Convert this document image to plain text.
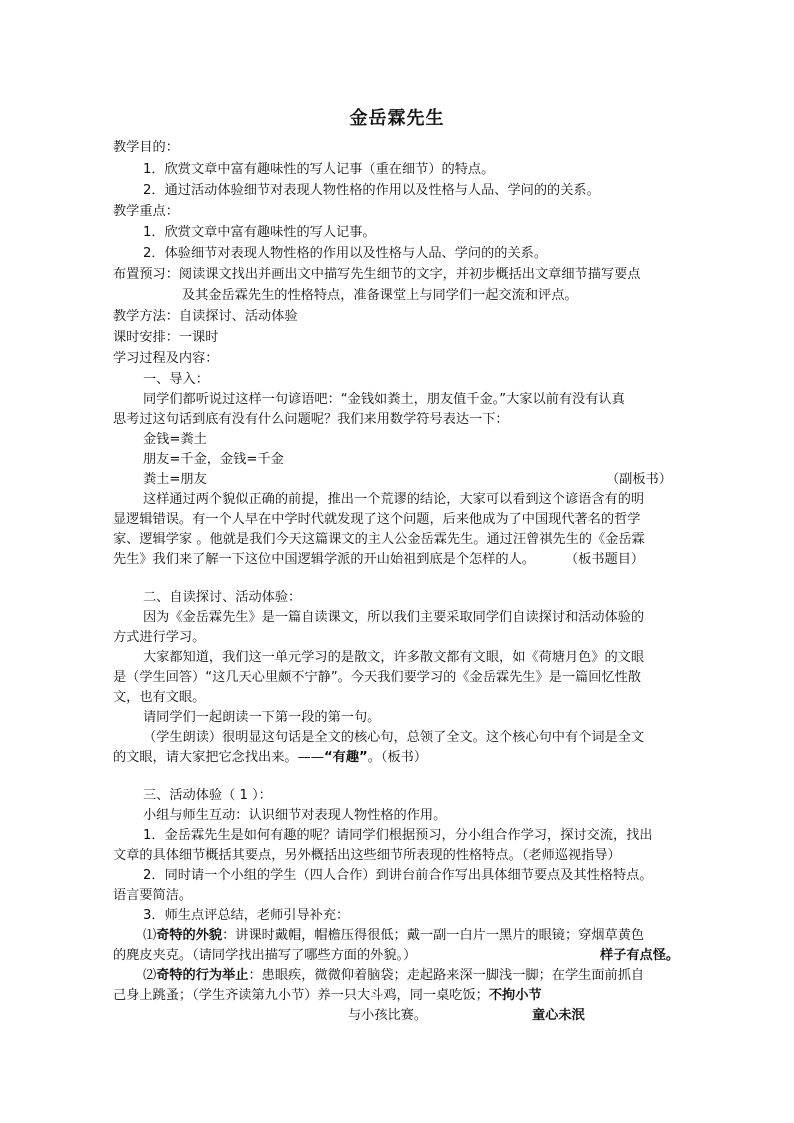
金岳霖先生

教学目的：

1．欣赏文章中富有趣味性的写人记事（重在细节）的特点。

2．通过活动体验细节对表现人物性格的作用以及性格与人品、学问的的关系。

教学重点：

1．欣赏文章中富有趣味性的写人记事。

2．体验细节对表现人物性格的作用以及性格与人品、学问的的关系。

布置预习：阅读课文找出并画出文中描写先生细节的文字，并初步概括出文章细节描写要点

及其金岳霖先生的性格特点，准备课堂上与同学们一起交流和评点。

教学方法：自读探讨、活动体验

课时安排：一课时

学习过程及内容：

一、导入：

同学们都听说过这样一句谚语吧：“金钱如粪土，朋友值千金。”大家以前有没有认真

思考过这句话到底有没有什么问题呢？我们来用数学符号表达一下：

金钱=粪土

朋友=千金，金钱=千金

粪土=朋友	（副板书）

这样通过两个貌似正确的前提，推出一个荒谬的结论，大家可以看到这个谚语含有的明

显逻辑错误。有一个人早在中学时代就发现了这个问题，后来他成为了中国现代著名的哲学

家、逻辑学家 。他就是我们今天这篇课文的主人公金岳霖先生。通过汪曾祺先生的《金岳霖

先生》我们来了解一下这位中国逻辑学派的开山始祖到底是个怎样的人。 （板书题目）

二、自读探讨、活动体验：

因为《金岳霖先生》是一篇自读课文，所以我们主要采取同学们自读探讨和活动体验的

方式进行学习。

大家都知道，我们这一单元学习的是散文，许多散文都有文眼，如《荷塘月色》的文眼

是（学生回答）“这几天心里颇不宁静”。今天我们要学习的《金岳霖先生》是一篇回忆性散

文，也有文眼。

请同学们一起朗读一下第一段的第一句。

（学生朗读）很明显这句话是全文的核心句，总领了全文。这个核心句中有个词是全文

的文眼，请大家把它念找出来。——“有趣”。（板书）

三、活动体验（ 1 ）：

小组与师生互动：认识细节对表现人物性格的作用。

1．金岳霖先生是如何有趣的呢？请同学们根据预习，分小组合作学习，探讨交流，找出

文章的具体细节概括其要点，另外概括出这些细节所表现的性格特点。（老师巡视指导）

2．同时请一个小组的学生（四人合作）到讲台前合作写出具体细节要点及其性格特点。

语言要简洁。

3．师生点评总结，老师引导补充：

⑴奇特的外貌：讲课时戴帽，帽檐压得很低；戴一副一白片一黑片的眼镜；穿烟草黄色

的麂皮夹克。（请同学找出描写了哪些方面的外貌。）	样子有点怪。

⑵奇特的行为举止：患眼疾，微微仰着脑袋；走起路来深一脚浅一脚；在学生面前抓自

己身上跳蚤；（学生齐读第九小节）养一只大斗鸡，同一桌吃饭；不拘小节

与小孩比赛。	童心未泯
